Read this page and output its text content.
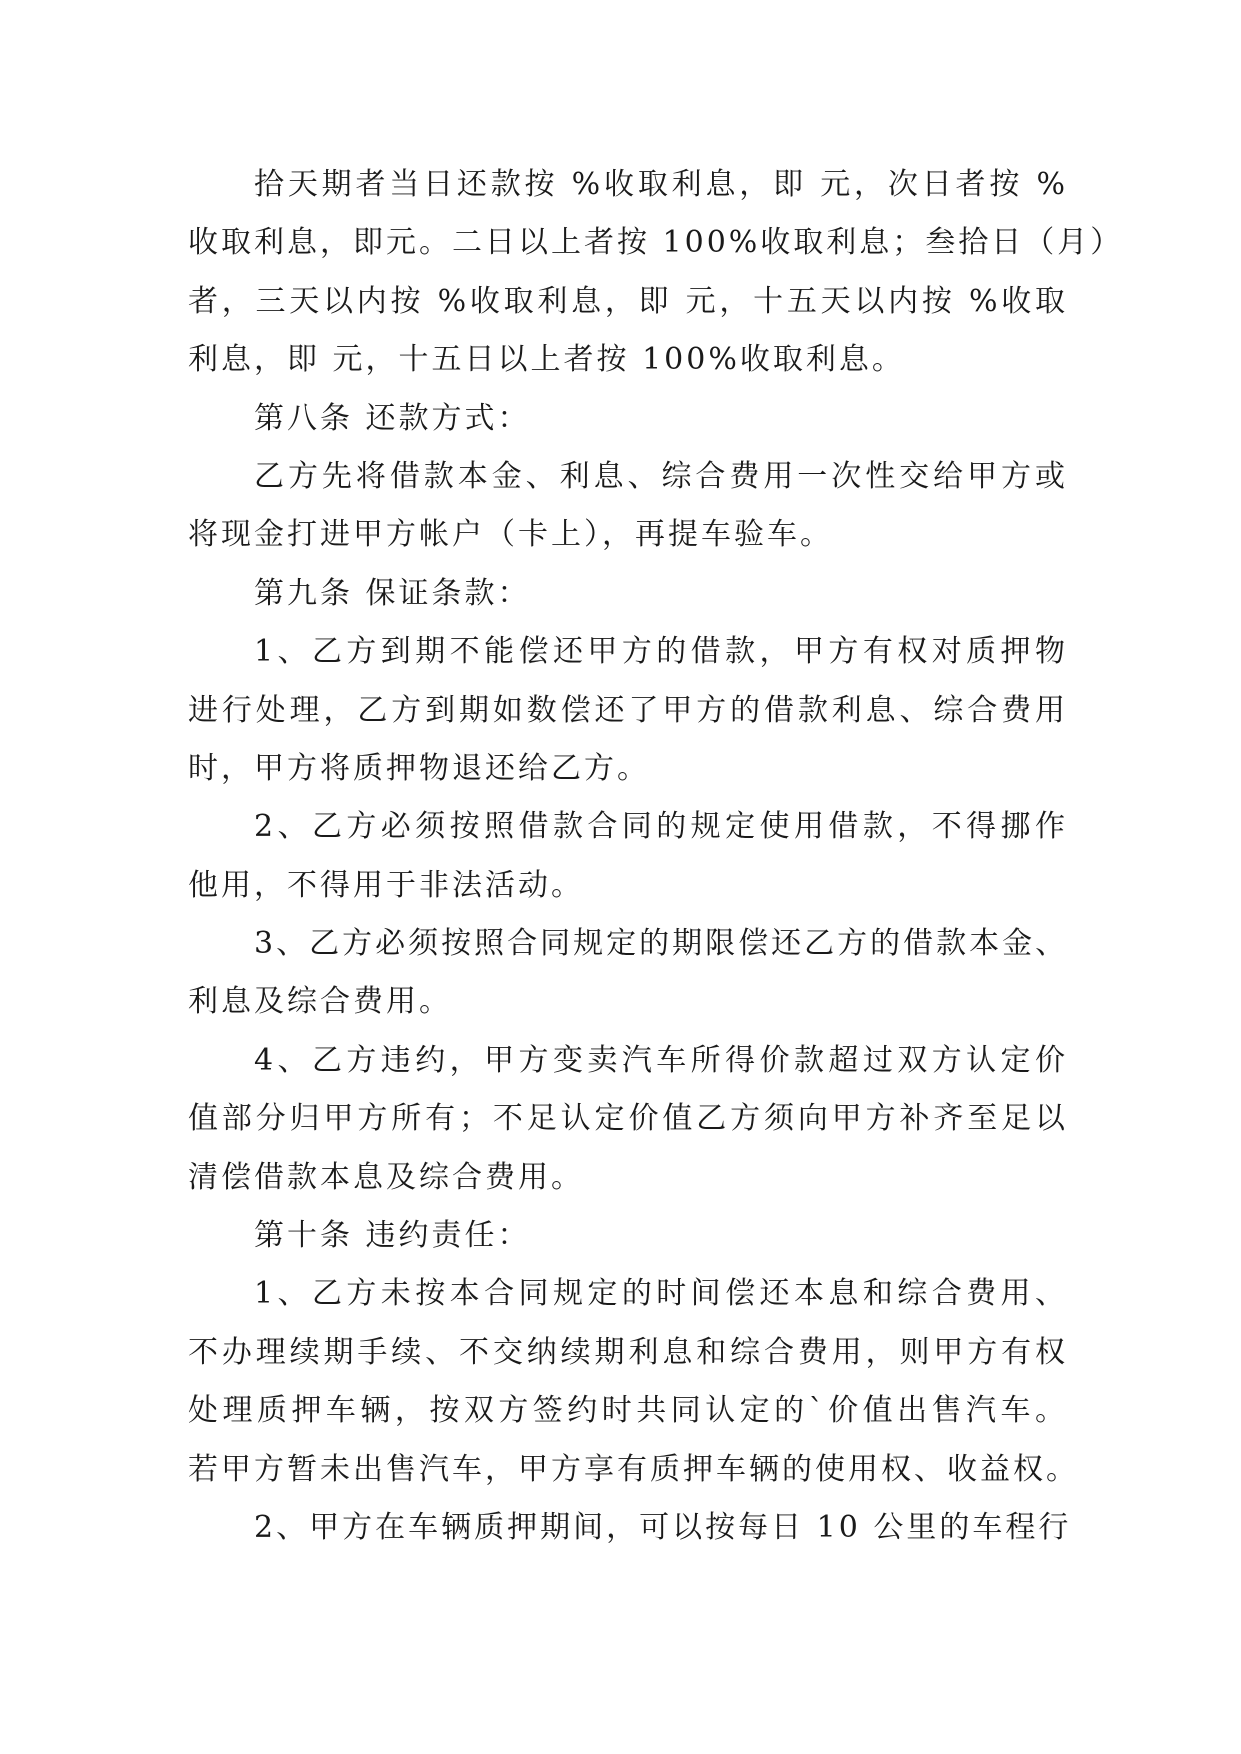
拾天期者当日还款按 %收取利息，即 元，次日者按 %
收取利息，即元。二日以上者按 100%收取利息；叁拾日（月）
者，三天以内按 %收取利息，即 元，十五天以内按 %收取
利息，即 元，十五日以上者按 100%收取利息。
第八条 还款方式：
乙方先将借款本金、利息、综合费用一次性交给甲方或
将现金打进甲方帐户（卡上），再提车验车。
第九条 保证条款：
1、乙方到期不能偿还甲方的借款，甲方有权对质押物
进行处理，乙方到期如数偿还了甲方的借款利息、综合费用
时，甲方将质押物退还给乙方。
2、乙方必须按照借款合同的规定使用借款，不得挪作
他用，不得用于非法活动。
3、乙方必须按照合同规定的期限偿还乙方的借款本金、
利息及综合费用。
4、乙方违约，甲方变卖汽车所得价款超过双方认定价
值部分归甲方所有；不足认定价值乙方须向甲方补齐至足以
清偿借款本息及综合费用。
第十条 违约责任：
1、乙方未按本合同规定的时间偿还本息和综合费用、
不办理续期手续、不交纳续期利息和综合费用，则甲方有权
处理质押车辆，按双方签约时共同认定的`价值出售汽车。
若甲方暂未出售汽车，甲方享有质押车辆的使用权、收益权。
2、甲方在车辆质押期间，可以按每日 10 公里的车程行
